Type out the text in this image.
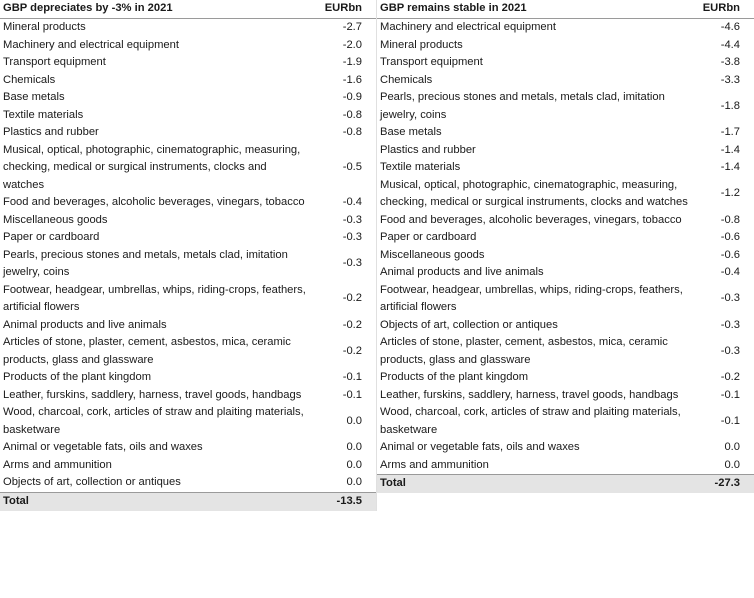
GBP depreciates by -3% in 2021	EURbn
Mineral products	-2.7
Machinery and electrical equipment	-2.0
Transport equipment	-1.9
Chemicals	-1.6
Base metals	-0.9
Textile materials	-0.8
Plastics and rubber	-0.8
Musical, optical, photographic, cinematographic, measuring, checking, medical or surgical instruments, clocks and watches	-0.5
Food and beverages, alcoholic beverages, vinegars, tobacco	-0.4
Miscellaneous goods	-0.3
Paper or cardboard	-0.3
Pearls, precious stones and metals, metals clad, imitation jewelry, coins	-0.3
Footwear, headgear, umbrellas, whips, riding-crops, feathers, artificial flowers	-0.2
Animal products and live animals	-0.2
Articles of stone, plaster, cement, asbestos, mica, ceramic products, glass and glassware	-0.2
Products of the plant kingdom	-0.1
Leather, furskins, saddlery, harness, travel goods, handbags	-0.1
Wood, charcoal, cork, articles of straw and plaiting materials, basketware	0.0
Animal or vegetable fats, oils and waxes	0.0
Arms and ammunition	0.0
Objects of art, collection or antiques	0.0
Total	-13.5
GBP remains stable in 2021	EURbn
Machinery and electrical equipment	-4.6
Mineral products	-4.4
Transport equipment	-3.8
Chemicals	-3.3
Pearls, precious stones and metals, metals clad, imitation jewelry, coins	-1.8
Base metals	-1.7
Plastics and rubber	-1.4
Textile materials	-1.4
Musical, optical, photographic, cinematographic, measuring, checking, medical or surgical instruments, clocks and watches	-1.2
Food and beverages, alcoholic beverages, vinegars, tobacco	-0.8
Paper or cardboard	-0.6
Miscellaneous goods	-0.6
Animal products and live animals	-0.4
Footwear, headgear, umbrellas, whips, riding-crops, feathers, artificial flowers	-0.3
Objects of art, collection or antiques	-0.3
Articles of stone, plaster, cement, asbestos, mica, ceramic products, glass and glassware	-0.3
Products of the plant kingdom	-0.2
Leather, furskins, saddlery, harness, travel goods, handbags	-0.1
Wood, charcoal, cork, articles of straw and plaiting materials, basketware	-0.1
Animal or vegetable fats, oils and waxes	0.0
Arms and ammunition	0.0
Total	-27.3
